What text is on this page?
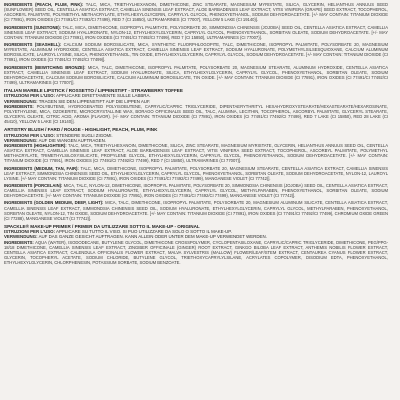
INGREDIENTS (PEACH, PLUM, PINK): TALC, MICA, TRIETHYLHEXANOIN, DIMETHICONE, ZINC STEARATE, MAGNESIUM MYRISTATE, SILICA, GLYCERIN, HELIANTHUS ANNUUS SEED (SUNFLOWER) SEED OIL, CENTELLA ASIATICA EXTRACT, CAMELLIA SINENSIS LEAF EXTRACT, ALOE BARBADENSIS LEAF EXTRACT, VITIS VINIFERA (GRAPE) SEED EXTRACT, TOCOPHEROL, ASCORBYL PALMITATE, POLYMETHYL METHACRYLATE, ETHYLHEXYLGLYCERIN, CAPRYLYL GLYCOL, PHENOXYETHANOL, SODIUM DEHYDROACETATE. [+/- MAY CONTAIN: TITANIUM DIOXIDE (CI 77891), IRON OXIDES (CI 77491/CI 77492/CI 77499), RED 7 (CI 15850), ULTRAMARINES (CI 77007), YELLOW 5 LAKE (CI 19140)].

INGREDIENTS (SUNSTONE): TALC, MICA, DIMETHICONE, ISOPROPYL PALMITATE, POLYSORBATE 20, SIMMONDSIA CHINENSIS (JOJOBA) SEED OIL, CENTELLA ASIATICA EXTRACT, CAMELLIA SINENSIS LEAF EXTRACT, SODIUM HYALURONATE, NYLON-12, ETHYLHEXYLGLYCERIN, CAPRYLYL GLYCOL, PHENOXYETHANOL, SORBITAN OLEATE, SODIUM DEHYDROACETATE. [+/- MAY CONTAIN: TITANIUM DIOXIDE (CI 77891), IRON OXIDES (CI 77491/CI 77492/CI 77499), RED 7 (CI 15850), ULTRAMARINES (CI 77007)].

INGREDIENTS (SEASHELL): CALCIUM SODIUM BOROSILICATE, MICA, SYNTHETIC FLUORPHLOGOPITE, TALC, DIMETHICONE, ISOPROPYL PALMITATE, POLYSORBATE 20, MAGNESIUM MYRISTATE, ALUMINUM HYDROXIDE, CENTELLA ASIATICA EXTRACT, CAMELLIA SINENSIS LEAF EXTRACT, SODIUM HYALURONATE, POLYMETHYLSILSESQUIOXANE, CALCIUM ALUMINUM BOROSILICATE, LAUROYL LYSINE, SILICA, PHENOXYETHANOL, TIN OXIDE, ETHYLHEXYLGLYCERIN, CAPRYLYL GLYCOL, SODIUM DEHYDROACETATE. [+/- MAY CONTAIN: TITANIUM DIOXIDE (CI 77891), IRON OXIDES (CI 77491/CI 77492/CI 77499)].

INGREDIENTS (BEWITCHING BRONZE): MICA, TALC, DIMETHICONE, ISOPROPYL PALMITATE, POLYSORBATE 20, MAGNESIUM STEARATE, ALUMINUM HYDROXIDE, CENTELLA ASIATICA EXTRACT, CAMELLIA SINENSIS LEAF EXTRACT, SODIUM HYALURONATE, SILICA, ETHYLHEXYLGLYCERIN, CAPRYLYL GLYCOL, PHENOXYETHANOL, SORBITAN OLEATE, SODIUM DEHYDROACETATE, CALCIUM SODIUM BOROSILICATE, CALCIUM ALUMINUM BOROSILICATE, TIN OXIDE. [+/- MAY CONTAIN: TITANIUM DIOXIDE (CI 77891), IRON OXIDES (CI 77491/CI 77492/CI 77499), ULTRAMARINES (CI 77007)].

ITALIAN MARBLE LIPSTICK / ROSSETTO / LIPPENSTIFT - STRAWBERRY TOFFEE
ISTRUZIONI PER L'USO: APPLICARE DIRETTAMENTE SULLE LABBRA.
VERWENDUNG: TRAGEN SIE DEN LIPPENSTIFT AUF DIE LIPPEN AUF.

INGREDIENTS: POLYBUTENE, HYDROGENATED POLYISOBUTENE, CAPRYLIC/CAPRIC TRIGLYCERIDE, DIPENTAERYTHRITYL HEXAHYDROXYSTEARATE/HEXASTEARATE/HEXAROSINATE, POLYETHYLENE, MICA, OZOKERITE, MICROCRYSTALLINE WAX, BORAGO OFFICINALIS SEED OIL, TALC, ALUMINA, LECITHIN, TOCOPHEROL, ASCORBYL PALMITATE, GLYCERYL STEARATE, GLYCERYL OLEATE, CITRIC ACID, AROMA (FLAVOR). [+/- MAY CONTAIN: TITANIUM DIOXIDE (CI 77891), IRON OXIDES (CI 77491/CI 77492/CI 77499), RED 7 LAKE (CI 15850), RED 28 LAKE (CI 45410), YELLOW 5 LAKE (CI 19140)].

ARTISTRY BLUSH / FARD / ROUGE - HIGHLIGHT, PEACH, PLUM, PINK
ISTRUZIONI PER L'USO: STENDERE SUGLI ZIGOMI.
VERWENDUNG: AUF DIE WANGEN AUFTRAGEN.

INGREDIENTS (HIGHLIGHTER): TALC, MICA, TRIETHYLHEXANOIN, DIMETHICONE, SILICA, ZINC STEARATE, MAGNESIUM MYRISTATE, GLYCERIN, HELIANTHUS ANNUUS SEED OIL, CENTELLA ASIATICA EXTRACT, CAMELLIA SINENSIS LEAF EXTRACT, ALOE BARBADENSIS LEAF EXTRACT, VITIS VINIFERA SEED EXTRACT, TOCOPHEROL, ASCORBYL PALMITATE, POLYMETHYL METHACRYLATE, TRIMETHYLSILOXYSILICATE, PROPYLENE GLYCOL, ETHYLHEXYLGLYCERIN, CAPRYLYL GLYCOL, PHENOXYETHANOL, SODIUM DEHYDROACETATE. [+/- MAY CONTAIN: TITANIUM DIOXIDE (CI 77891), IRON OXIDES (CI 77491/CI 77492/CI 77499), RED 7 (CI 15850), ULTRAMARINES (CI 77007)].

INGREDIENTS (MEDIUM, TAN, FAIR): TALC, MICA, DIMETHICONE, ISOPROPYL PALMITATE, POLYSORBATE 20, MAGNESIUM STEARATE, CENTELLA ASIATICA EXTRACT, CAMELLIA SINENSIS LEAF EXTRACT, SIMMONDSIA CHINENSIS SEED OIL, ETHYLHEXYLGLYCERIN, CAPRYLYL GLYCOL, PHENOXYETHANOL, SORBITAN OLEATE, SODIUM DEHYDROACETATE, NYLON-12, LAUROYL LYSINE. [+/- MAY CONTAIN: TITANIUM DIOXIDE (CI 77891), IRON OXIDES (CI 77491/CI 77492/CI 77499), MANGANESE VIOLET (CI 77742)].

INGREDIENTS (PORCELAIN): MICA, TALC, NYLON-12, DIMETHICONE, ISOPROPYL PALMITATE, POLYSORBATE 20, SIMMONDSIA CHINENSIS (JOJOBA) SEED OIL, CENTELLA ASIATICA EXTRACT, CAMELLIA SINENSIS LEAF EXTRACT, SODIUM HYALURONATE, ETHYLHEXYLGLYCERIN, CAPRYLYL GLYCOL, METHYLPARABEN, PHENOXYETHANOL, SORBITAN OLEATE, SODIUM DEHYDROACETATE. [+/- MAY CONTAIN: TITANIUM DIOXIDE (CI 77891), IRON OXIDES (CI 77491/CI 77492/CI 77499), MANGANESE VIOLET (CI 77742)].

INGREDIENTS (GOLDEN MEDIUM, DEEP, LIGHT): MICA, TALC, DIMETHICONE, ISOPROPYL PALMITATE, POLYSORBATE 20, MAGNESIUM ALUMINUM SILICATE, CENTELLA ASIATICA EXTRACT, CAMELLIA SINENSIS LEAF EXTRACT, SIMMONDSIA CHINENSIS SEED OIL, SODIUM HYALURONATE, ETHYLHEXYLGLYCERIN, CAPRYLYL GLYCOL, METHYLPARABEN, PHENOXYETHANOL, SORBITAN OLEATE, NYLON-12, TIN OXIDE, SODIUM DEHYDROACETATE. [+/- MAY CONTAIN: TITANIUM DIOXIDE (CI 77891), IRON OXIDES (CI 77491/CI 77492/CI 77499), CHROMIUM OXIDE GREEN (CI 77288), MANGANESE VIOLET (CI 77742)].

SPACKLE® MAKE-UP PRIMER / PRIMER DA UTILIZZARE SOTTO IL MAKE-UP - ORIGINAL
ISTRUZIONI PER L'USO: APPLICARE SU TUTTO IL VISO. SI PUO UTILIZZARE DA SOLO O SOTTO IL MAKE-UP.
VERWENDUNG: AUF DAS GANZE GESICHT AUFTRAGEN. KANN ALLEIN ODER UNTER DEM MAKE-UP VERWENDET WERDEN.

INGREDIENTS: AQUA (WATER), ISODODECANE, BUTYLENE GLYCOL, DIMETHICONE CROSSPOLYMER, CYCLOPENTASILOXANE, CAPRYLIC/CAPRIC TRIGLYCERIDE, DIMETHICONE, PEG/PPG-18/18 DIMETHICONE, CAMELLIA SINENSIS LEAF EXTRACT, ZINGIBER OFFICINALE (GINGER) ROOT EXTRACT, GINKGO BILOBA LEAF EXTRACT, ANTHEMIS NOBILIS FLOWER EXTRACT, CENTELLA ASIATICA EXTRACT, CALENDULA OFFICINALIS FLOWER EXTRACT, MALVA SYLVESTRIS (MALLOW) FLOWER/LEAF/STEM EXTRACT, CENTAUREA CYANUS FLOWER EXTRACT, GLYCERIN, TOCOPHERYL ACETATE, SODIUM CHLORIDE, BUTYLENE GLYCOL, TRIETHOXYCAPRYLYLSILANE, ACRYLATES COPOLYMER, DISODIUM EDTA, PHENOXYETHANOL, ETHYLHEXYLGLYCERIN, CHLORPHENESIN, POTASSIUM SORBATE, SODIUM BENZOATE.
